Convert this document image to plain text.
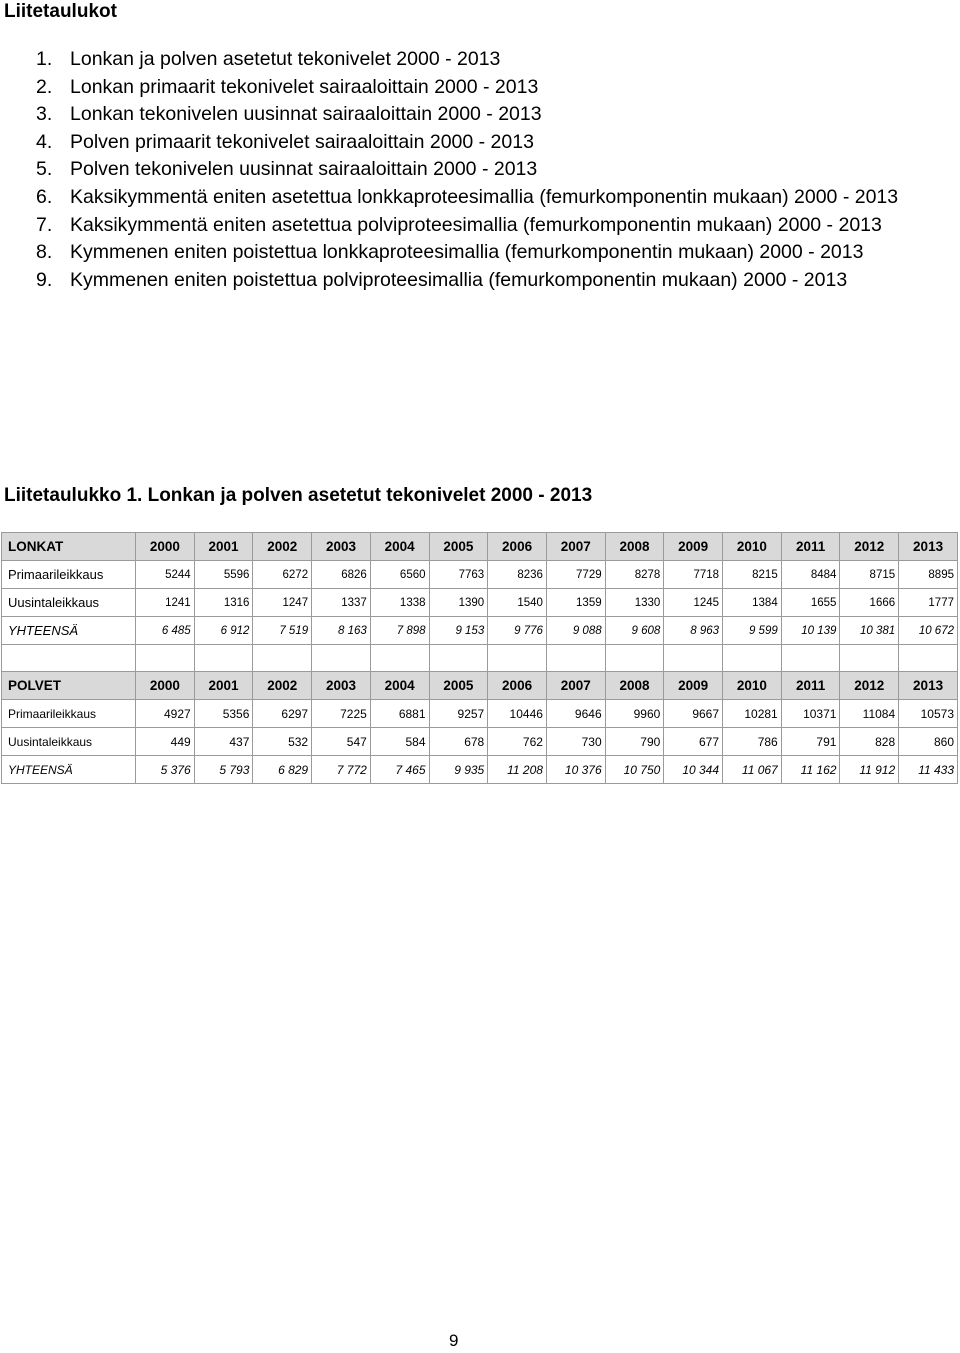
Liitetaulukot
1. Lonkan ja polven asetetut tekonivelet 2000 - 2013
2. Lonkan primaarit tekonivelet sairaaloittain 2000 - 2013
3. Lonkan tekonivelen uusinnat sairaaloittain 2000 - 2013
4. Polven primaarit tekonivelet sairaaloittain 2000 - 2013
5. Polven tekonivelen uusinnat sairaaloittain 2000 - 2013
6. Kaksikymmentä eniten asetettua lonkkaproteesimallia (femurkomponentin mukaan) 2000 - 2013
7. Kaksikymmentä eniten asetettua polviproteesimallia (femurkomponentin mukaan) 2000 - 2013
8. Kymmenen eniten poistettua lonkkaproteesimallia (femurkomponentin mukaan) 2000 - 2013
9. Kymmenen eniten poistettua polviproteesimallia (femurkomponentin mukaan) 2000 - 2013
Liitetaulukko 1. Lonkan ja polven asetetut tekonivelet 2000 - 2013
LONKAT	2000	2001	2002	2003	2004	2005	2006	2007	2008	2009	2010	2011	2012	2013
Primaarileikkaus	5244	5596	6272	6826	6560	7763	8236	7729	8278	7718	8215	8484	8715	8895
Uusintaleikkaus	1241	1316	1247	1337	1338	1390	1540	1359	1330	1245	1384	1655	1666	1777
YHTEENSÄ	6 485	6 912	7 519	8 163	7 898	9 153	9 776	9 088	9 608	8 963	9 599	10 139	10 381	10 672

POLVET	2000	2001	2002	2003	2004	2005	2006	2007	2008	2009	2010	2011	2012	2013
Primaarileikkaus	4927	5356	6297	7225	6881	9257	10446	9646	9960	9667	10281	10371	11084	10573
Uusintaleikkaus	449	437	532	547	584	678	762	730	790	677	786	791	828	860
YHTEENSÄ	5 376	5 793	6 829	7 772	7 465	9 935	11 208	10 376	10 750	10 344	11 067	11 162	11 912	11 433
9
